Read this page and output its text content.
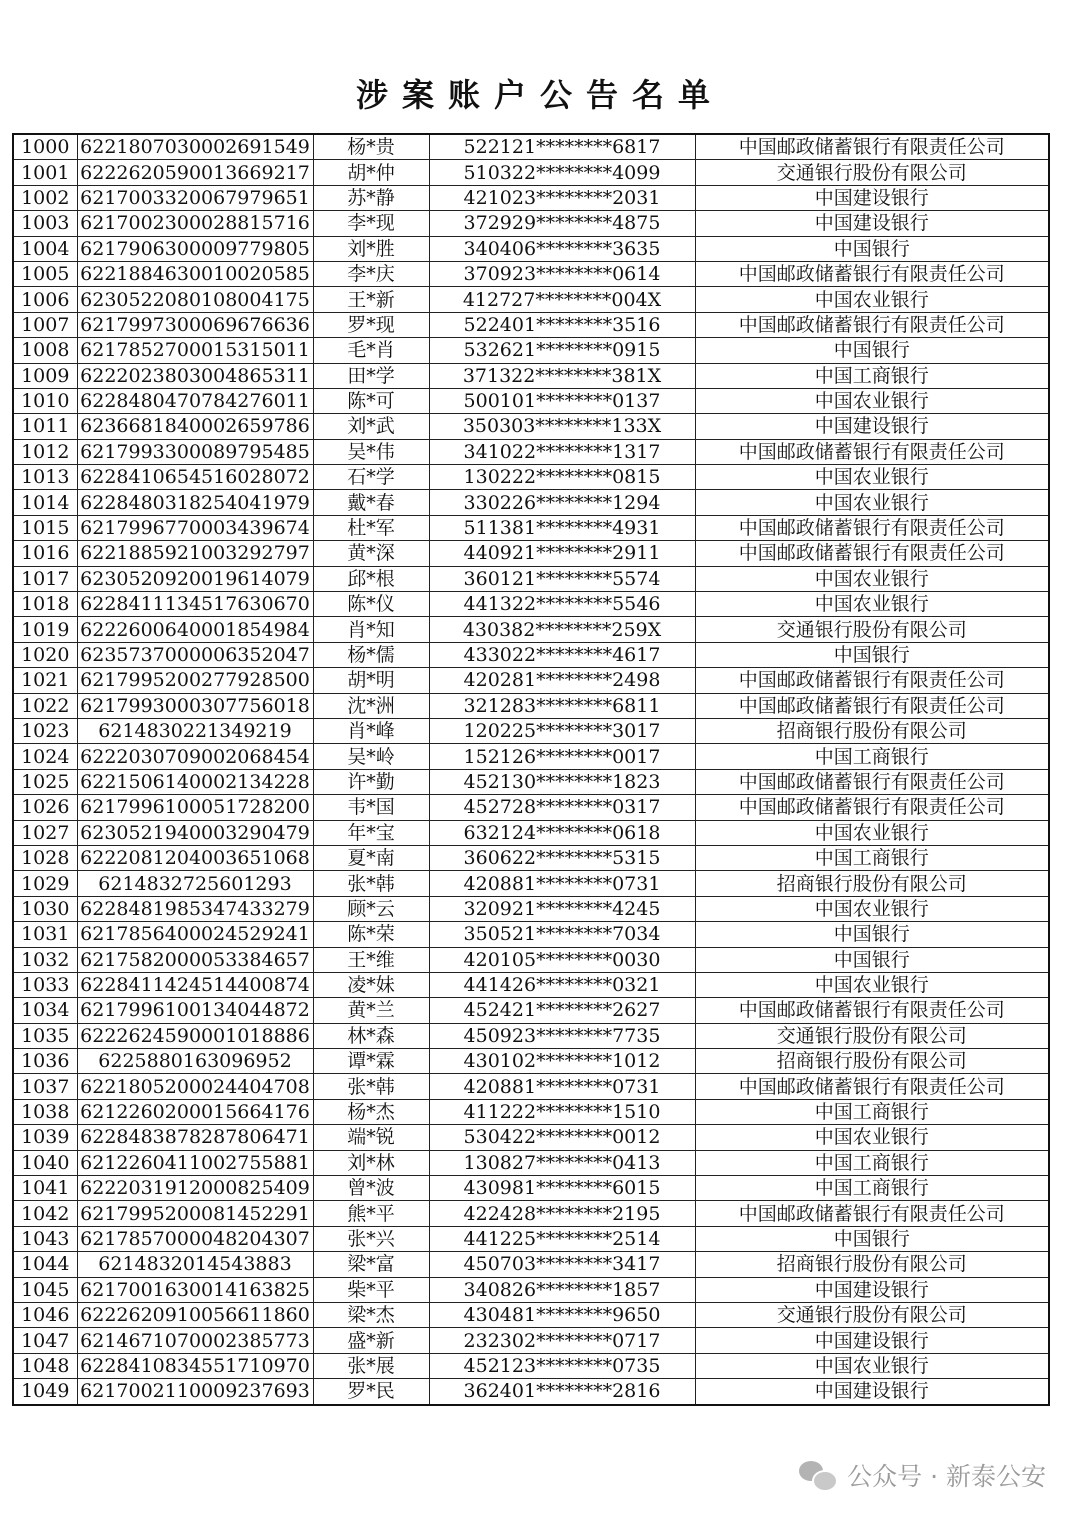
涉案账户公告名单
1000	6221807030002691549	杨*贵	522121********6817	中国邮政储蓄银行有限责任公司
1001	6222620590013669217	胡*仲	510322********4099	交通银行股份有限公司
1002	6217003320067979651	苏*静	421023********2031	中国建设银行
1003	6217002300028815716	李*现	372929********4875	中国建设银行
1004	6217906300009779805	刘*胜	340406********3635	中国银行
1005	6221884630010020585	李*庆	370923********0614	中国邮政储蓄银行有限责任公司
1006	6230522080108004175	王*新	412727********004X	中国农业银行
1007	6217997300069676636	罗*现	522401********3516	中国邮政储蓄银行有限责任公司
1008	6217852700015315011	毛*肖	532621********0915	中国银行
1009	6222023803004865311	田*学	371322********381X	中国工商银行
1010	6228480470784276011	陈*可	500101********0137	中国农业银行
1011	6236681840002659786	刘*武	350303********133X	中国建设银行
1012	6217993300089795485	吴*伟	341022********1317	中国邮政储蓄银行有限责任公司
1013	6228410654516028072	石*学	130222********0815	中国农业银行
1014	6228480318254041979	戴*春	330226********1294	中国农业银行
1015	6217996770003439674	杜*军	511381********4931	中国邮政储蓄银行有限责任公司
1016	6221885921003292797	黄*深	440921********2911	中国邮政储蓄银行有限责任公司
1017	6230520920019614079	邱*根	360121********5574	中国农业银行
1018	6228411134517630670	陈*仪	441322********5546	中国农业银行
1019	6222600640001854984	肖*知	430382********259X	交通银行股份有限公司
1020	6235737000006352047	杨*儒	433022********4617	中国银行
1021	6217995200277928500	胡*明	420281********2498	中国邮政储蓄银行有限责任公司
1022	6217993000307756018	沈*洲	321283********6811	中国邮政储蓄银行有限责任公司
1023	6214830221349219	肖*峰	120225********3017	招商银行股份有限公司
1024	6222030709002068454	吴*岭	152126********0017	中国工商银行
1025	6221506140002134228	许*勤	452130********1823	中国邮政储蓄银行有限责任公司
1026	6217996100051728200	韦*国	452728********0317	中国邮政储蓄银行有限责任公司
1027	6230521940003290479	年*宝	632124********0618	中国农业银行
1028	6222081204003651068	夏*南	360622********5315	中国工商银行
1029	6214832725601293	张*韩	420881********0731	招商银行股份有限公司
1030	6228481985347433279	顾*云	320921********4245	中国农业银行
1031	6217856400024529241	陈*荣	350521********7034	中国银行
1032	6217582000053384657	王*维	420105********0030	中国银行
1033	6228411424514400874	凌*妹	441426********0321	中国农业银行
1034	6217996100134044872	黄*兰	452421********2627	中国邮政储蓄银行有限责任公司
1035	6222624590001018886	林*森	450923********7735	交通银行股份有限公司
1036	6225880163096952	谭*霖	430102********1012	招商银行股份有限公司
1037	6221805200024404708	张*韩	420881********0731	中国邮政储蓄银行有限责任公司
1038	6212260200015664176	杨*杰	411222********1510	中国工商银行
1039	6228483878287806471	端*锐	530422********0012	中国农业银行
1040	6212260411002755881	刘*林	130827********0413	中国工商银行
1041	6222031912000825409	曾*波	430981********6015	中国工商银行
1042	6217995200081452291	熊*平	422428********2195	中国邮政储蓄银行有限责任公司
1043	6217857000048204307	张*兴	441225********2514	中国银行
1044	6214832014543883	梁*富	450703********3417	招商银行股份有限公司
1045	6217001630014163825	柴*平	340826********1857	中国建设银行
1046	6222620910056611860	梁*杰	430481********9650	交通银行股份有限公司
1047	6214671070002385773	盛*新	232302********0717	中国建设银行
1048	6228410834551710970	张*展	452123********0735	中国农业银行
1049	6217002110009237693	罗*民	362401********2816	中国建设银行
公众号 · 新泰公安
